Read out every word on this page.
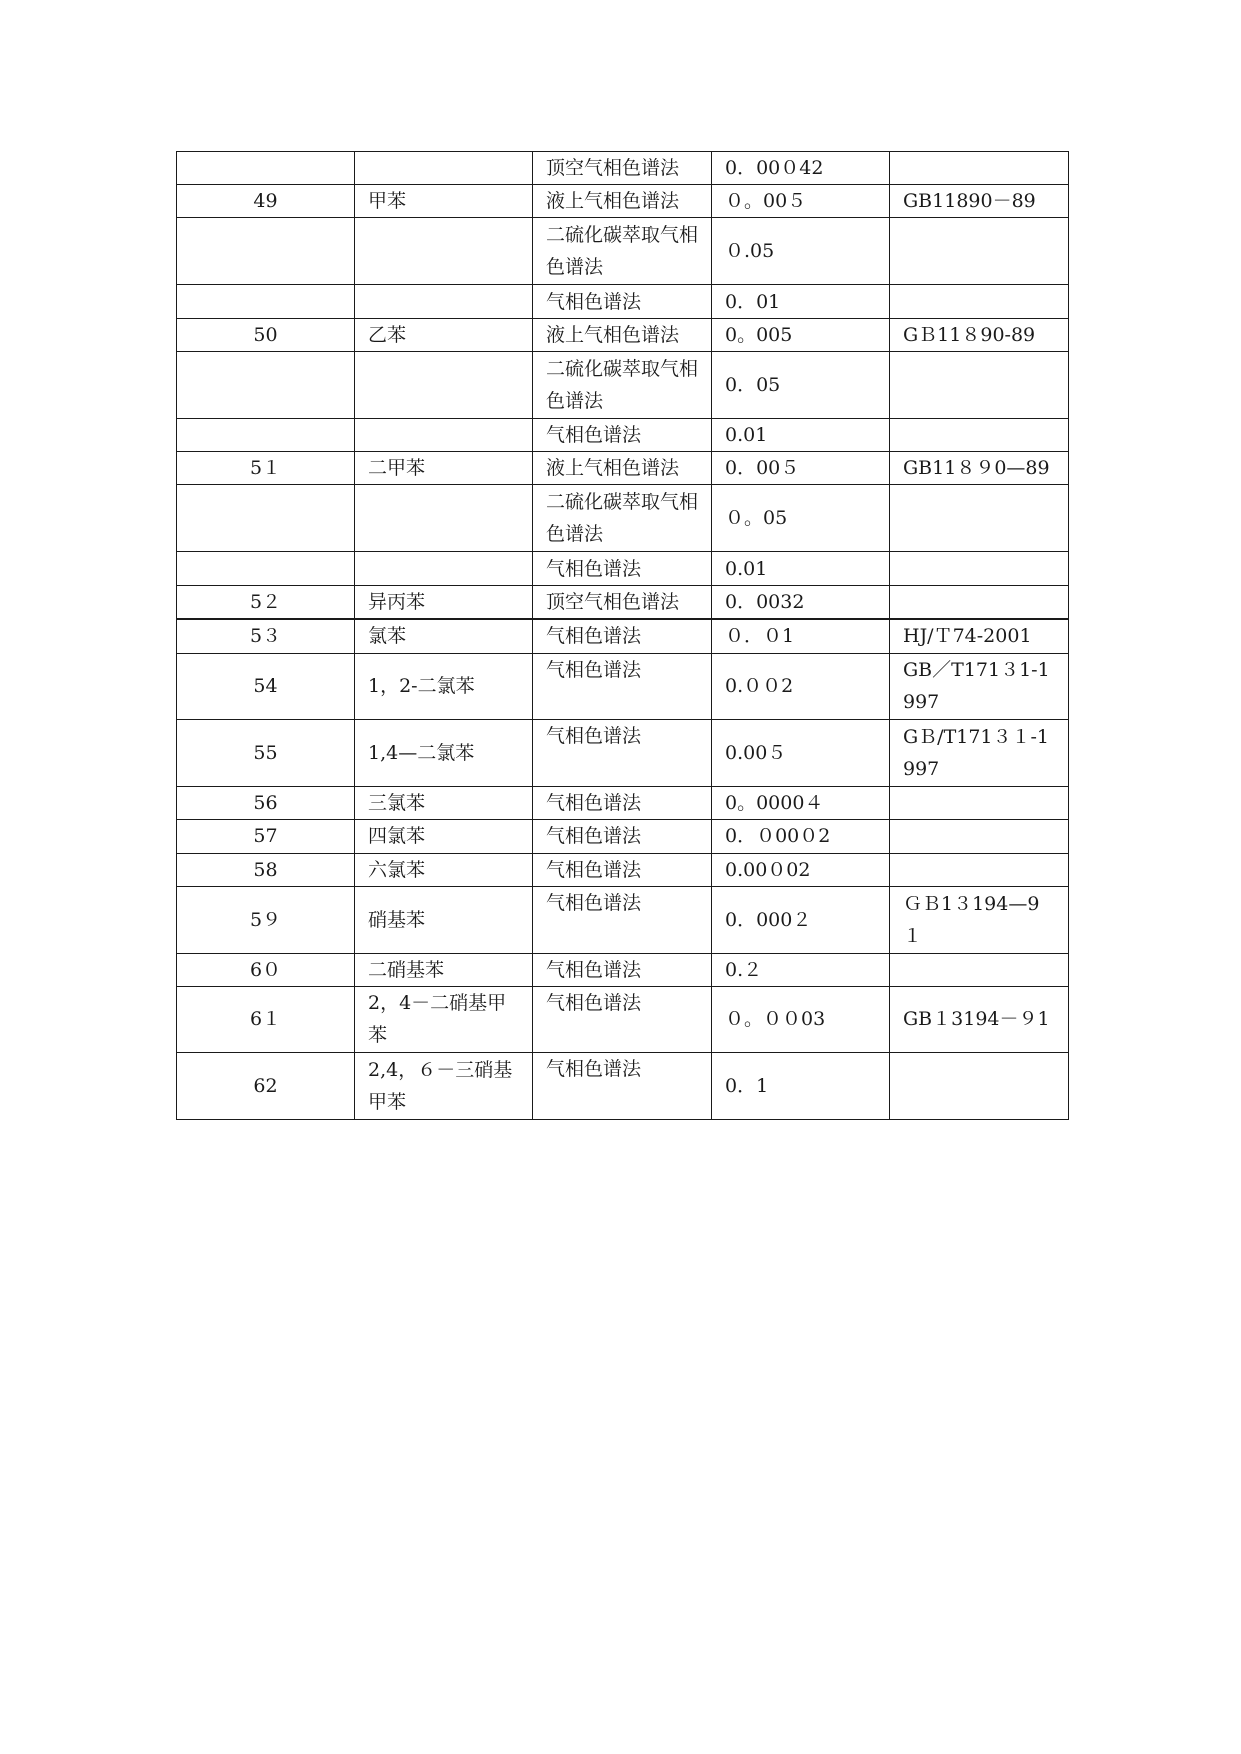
		顶空气相色谱法	0．00０42	
49	甲苯	液上气相色谱法	０。00５	GB11890－89
		二硫化碳萃取气相色谱法	０.05	
		气相色谱法	0．01	
50	乙苯	液上气相色谱法	0。005	GＢ11８90-89
		二硫化碳萃取气相色谱法	0．05	
		气相色谱法	0.01	
5１	二甲苯	液上气相色谱法	0．00５	GB11８９0—89
		二硫化碳萃取气相色谱法	０。05	
		气相色谱法	0.01	
5２	异丙苯	顶空气相色谱法	0．0032	
5３	氯苯	气相色谱法	０．０1	HJ/Ｔ74-2001
54	1，2-二氯苯	气相色谱法	0.００2	GB／T171３1-1997
55	1,4—二氯苯	气相色谱法	0.00５	GＢ/T171３１-1997
56	三氯苯	气相色谱法	0。0000４	
57	四氯苯	气相色谱法	0．０00０2	
58	六氯苯	气相色谱法	0.00０02	
5９	硝基苯	气相色谱法	0．000２	ＧＢ1３194—9１
6０	二硝基苯	气相色谱法	0.２	
6１	2，4－二硝基甲苯	气相色谱法	０。００03	GB１3194－９1
62	2,4，６－三硝基甲苯	气相色谱法	0．1	
